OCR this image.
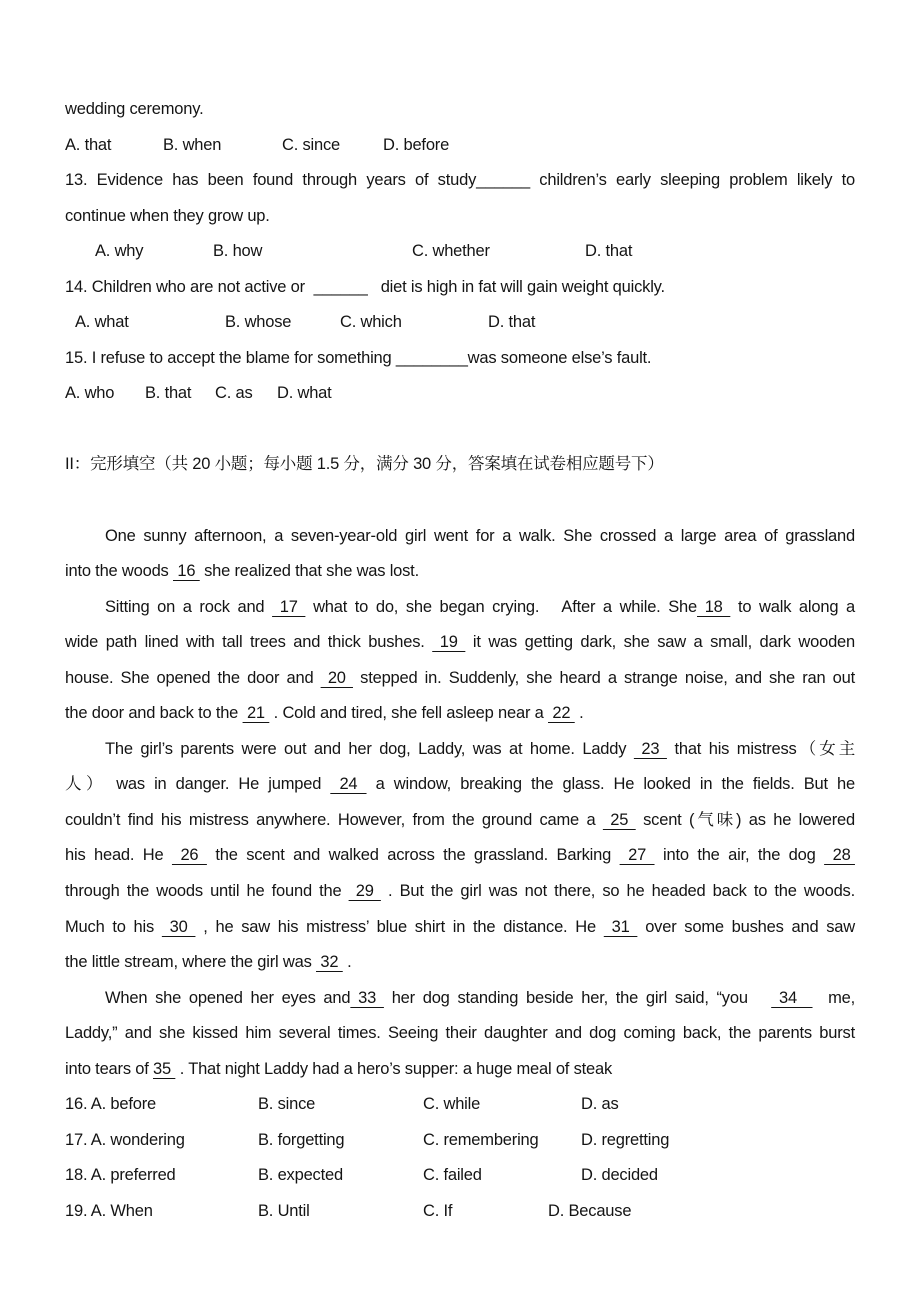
wedding ceremony.
A. that	B. when	C. since	D. before
13. Evidence has been found through years of study______ children’s early sleeping problem likely to
continue when they grow up.
A. why	B. how	C. whether	D. that
14. Children who are not active or  ______   diet is high in fat will gain weight quickly.
A. what	B. whose	C. which	D. that
15. I refuse to accept the blame for something ________was someone else’s fault.
A. who	B. that	C. as	D. what
II：完形填空（共 20 小题；每小题 1.5 分，满分 30 分，答案填在试卷相应题号下）
One sunny afternoon, a seven-year-old girl went for a walk. She crossed a large area of grassland
into the woods  16  she realized that she was lost.
Sitting on a rock and  17  what to do, she began crying.   After a while. She 18  to walk along a
wide path lined with tall trees and thick bushes.  19  it was getting dark, she saw a small, dark wooden
house. She opened the door and  20  stepped in. Suddenly, she heard a strange noise, and she ran out
the door and back to the  21  . Cold and tired, she fell asleep near a  22  .
The girl’s parents were out and her dog, Laddy, was at home. Laddy  23  that his mistress（女主
人） was in danger. He jumped  24  a window, breaking the glass. He looked in the fields. But he
couldn’t find his mistress anywhere. However, from the ground came a  25  scent (气味) as he lowered
his head. He  26  the scent and walked across the grassland. Barking  27  into the air, the dog  28
through the woods until he found the  29  . But the girl was not there, so he headed back to the woods.
Much to his  30  , he saw his mistress’ blue shirt in the distance. He  31  over some bushes and saw
the little stream, where the girl was  32  .
When she opened her eyes and 33  her dog standing beside her, the girl said, “you    34    me,
Laddy,” and she kissed him several times. Seeing their daughter and dog coming back, the parents burst
into tears of 35  . That night Laddy had a hero’s supper: a huge meal of steak
16. A. before	B. since	C. while	D. as
17. A. wondering	B. forgetting	C. remembering	D. regretting
18. A. preferred	B. expected	C. failed	D. decided
19. A. When	B. Until	C. If	D. Because
